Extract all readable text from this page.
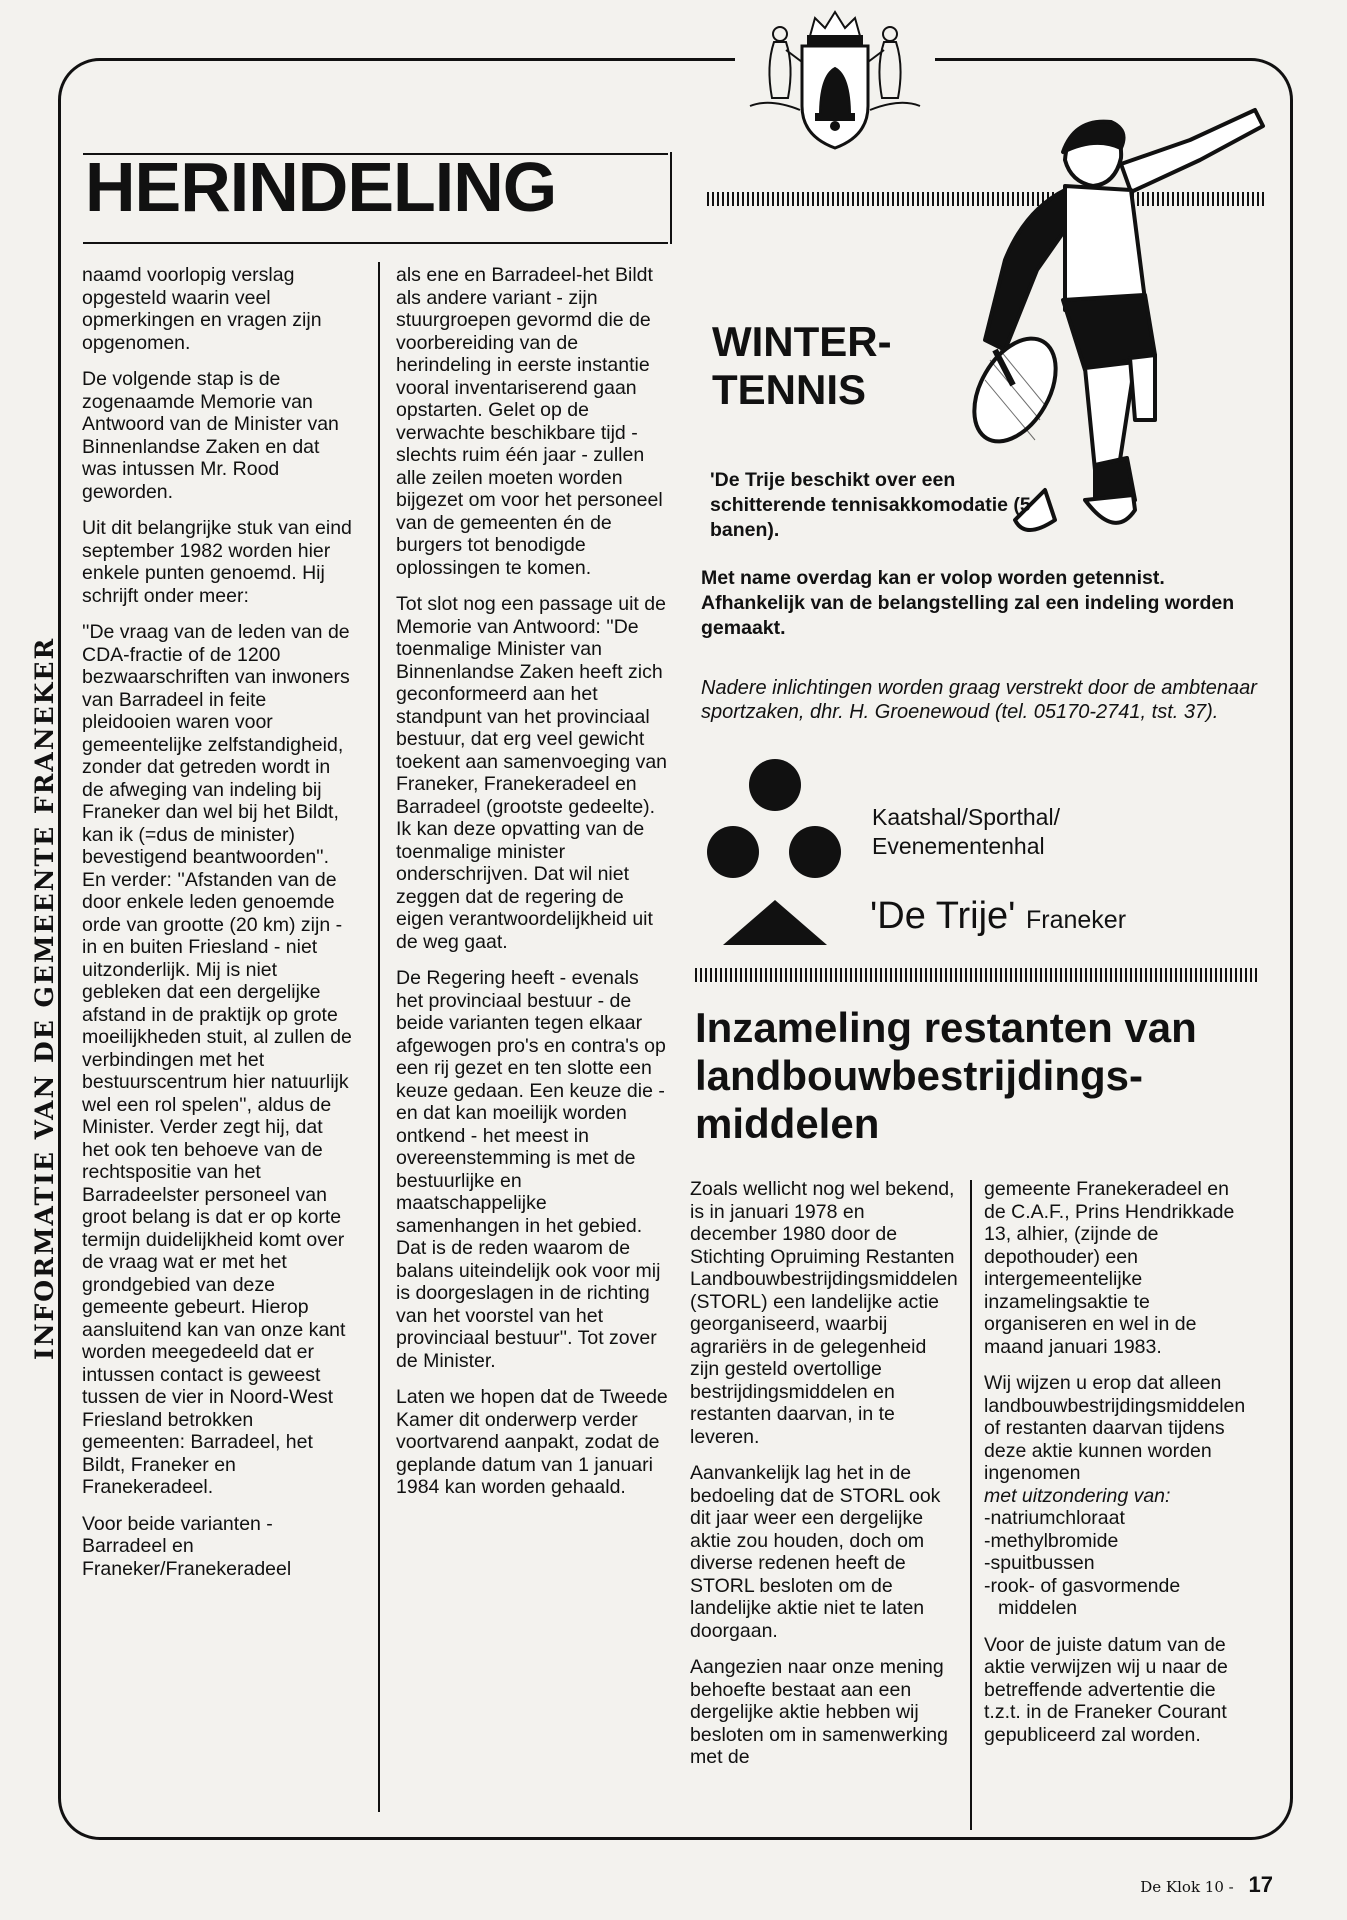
INFORMATIE VAN DE GEMEENTE FRANEKER
HERINDELING

naamd voorlopig verslag opgesteld waarin veel opmerkingen en vragen zijn opgenomen.

De volgende stap is de zogenaamde Memorie van Antwoord van de Minister van Binnenlandse Zaken en dat was intussen Mr. Rood geworden.

Uit dit belangrijke stuk van eind september 1982 worden hier enkele punten genoemd. Hij schrijft onder meer:

''De vraag van de leden van de CDA-fractie of de 1200 bezwaarschriften van inwoners van Barradeel in feite pleidooien waren voor gemeentelijke zelfstandigheid, zonder dat getreden wordt in de afweging van indeling bij Franeker dan wel bij het Bildt, kan ik (=dus de minister) bevestigend beantwoorden''. En verder: ''Afstanden van de door enkele leden genoemde orde van grootte (20 km) zijn - in en buiten Friesland - niet uitzonderlijk. Mij is niet gebleken dat een dergelijke afstand in de praktijk op grote moeilijkheden stuit, al zullen de verbindingen met het bestuurscentrum hier natuurlijk wel een rol spelen'', aldus de Minister. Verder zegt hij, dat het ook ten behoeve van de rechtspositie van het Barradeelster personeel van groot belang is dat er op korte termijn duidelijkheid komt over de vraag wat er met het grondgebied van deze gemeente gebeurt. Hierop aansluitend kan van onze kant worden meegedeeld dat er intussen contact is geweest tussen de vier in Noord-West Friesland betrokken gemeenten: Barradeel, het Bildt, Franeker en Franekeradeel.

Voor beide varianten - Barradeel en Franeker/Franekeradeel

als ene en Barradeel-het Bildt als andere variant - zijn stuurgroepen gevormd die de voorbereiding van de herindeling in eerste instantie vooral inventariserend gaan opstarten. Gelet op de verwachte beschikbare tijd - slechts ruim één jaar - zullen alle zeilen moeten worden bijgezet om voor het personeel van de gemeenten én de burgers tot benodigde oplossingen te komen.

Tot slot nog een passage uit de Memorie van Antwoord: ''De toenmalige Minister van Binnenlandse Zaken heeft zich geconformeerd aan het standpunt van het provinciaal bestuur, dat erg veel gewicht toekent aan samenvoeging van Franeker, Franekeradeel en Barradeel (grootste gedeelte). Ik kan deze opvatting van de toenmalige minister onderschrijven. Dat wil niet zeggen dat de regering de eigen verantwoordelijkheid uit de weg gaat.

De Regering heeft - evenals het provinciaal bestuur - de beide varianten tegen elkaar afgewogen pro's en contra's op een rij gezet en ten slotte een keuze gedaan. Een keuze die - en dat kan moeilijk worden ontkend - het meest in overeenstemming is met de bestuurlijke en maatschappelijke samenhangen in het gebied. Dat is de reden waarom de balans uiteindelijk ook voor mij is doorgeslagen in de richting van het voorstel van het provinciaal bestuur''. Tot zover de Minister.

Laten we hopen dat de Tweede Kamer dit onderwerp verder voortvarend aanpakt, zodat de geplande datum van 1 januari 1984 kan worden gehaald.

WINTER-
TENNIS
'De Trije beschikt over een schitterende tennisakkomodatie (5 banen).
Met name overdag kan er volop worden getennist. Afhankelijk van de belangstelling zal een indeling worden gemaakt.
Nadere inlichtingen worden graag verstrekt door de ambtenaar sportzaken, dhr. H. Groenewoud (tel. 05170-2741, tst. 37).
Kaatshal/Sporthal/
Evenementenhal
'De Trije' Franeker
Inzameling restanten van landbouwbestrijdings-middelen

Zoals wellicht nog wel bekend, is in januari 1978 en december 1980 door de Stichting Opruiming Restanten Landbouwbestrijdingsmiddelen (STORL) een landelijke actie georganiseerd, waarbij agrariërs in de gelegenheid zijn gesteld overtollige bestrijdingsmiddelen en restanten daarvan, in te leveren.

Aanvankelijk lag het in de bedoeling dat de STORL ook dit jaar weer een dergelijke aktie zou houden, doch om diverse redenen heeft de STORL besloten om de landelijke aktie niet te laten doorgaan.

Aangezien naar onze mening behoefte bestaat aan een dergelijke aktie hebben wij besloten om in samenwerking met de

gemeente Franekeradeel en de C.A.F., Prins Hendrikkade 13, alhier, (zijnde de depothouder) een intergemeentelijke inzamelingsaktie te organiseren en wel in de maand januari 1983.

Wij wijzen u erop dat alleen landbouwbestrijdingsmiddelen of restanten daarvan tijdens deze aktie kunnen worden ingenomen

met uitzondering van:

-natriumchloraat

-methylbromide

-spuitbussen

-rook- of gasvormende

middelen

Voor de juiste datum van de aktie verwijzen wij u naar de betreffende advertentie die t.z.t. in de Franeker Courant gepubliceerd zal worden.

De Klok 10 - 17
